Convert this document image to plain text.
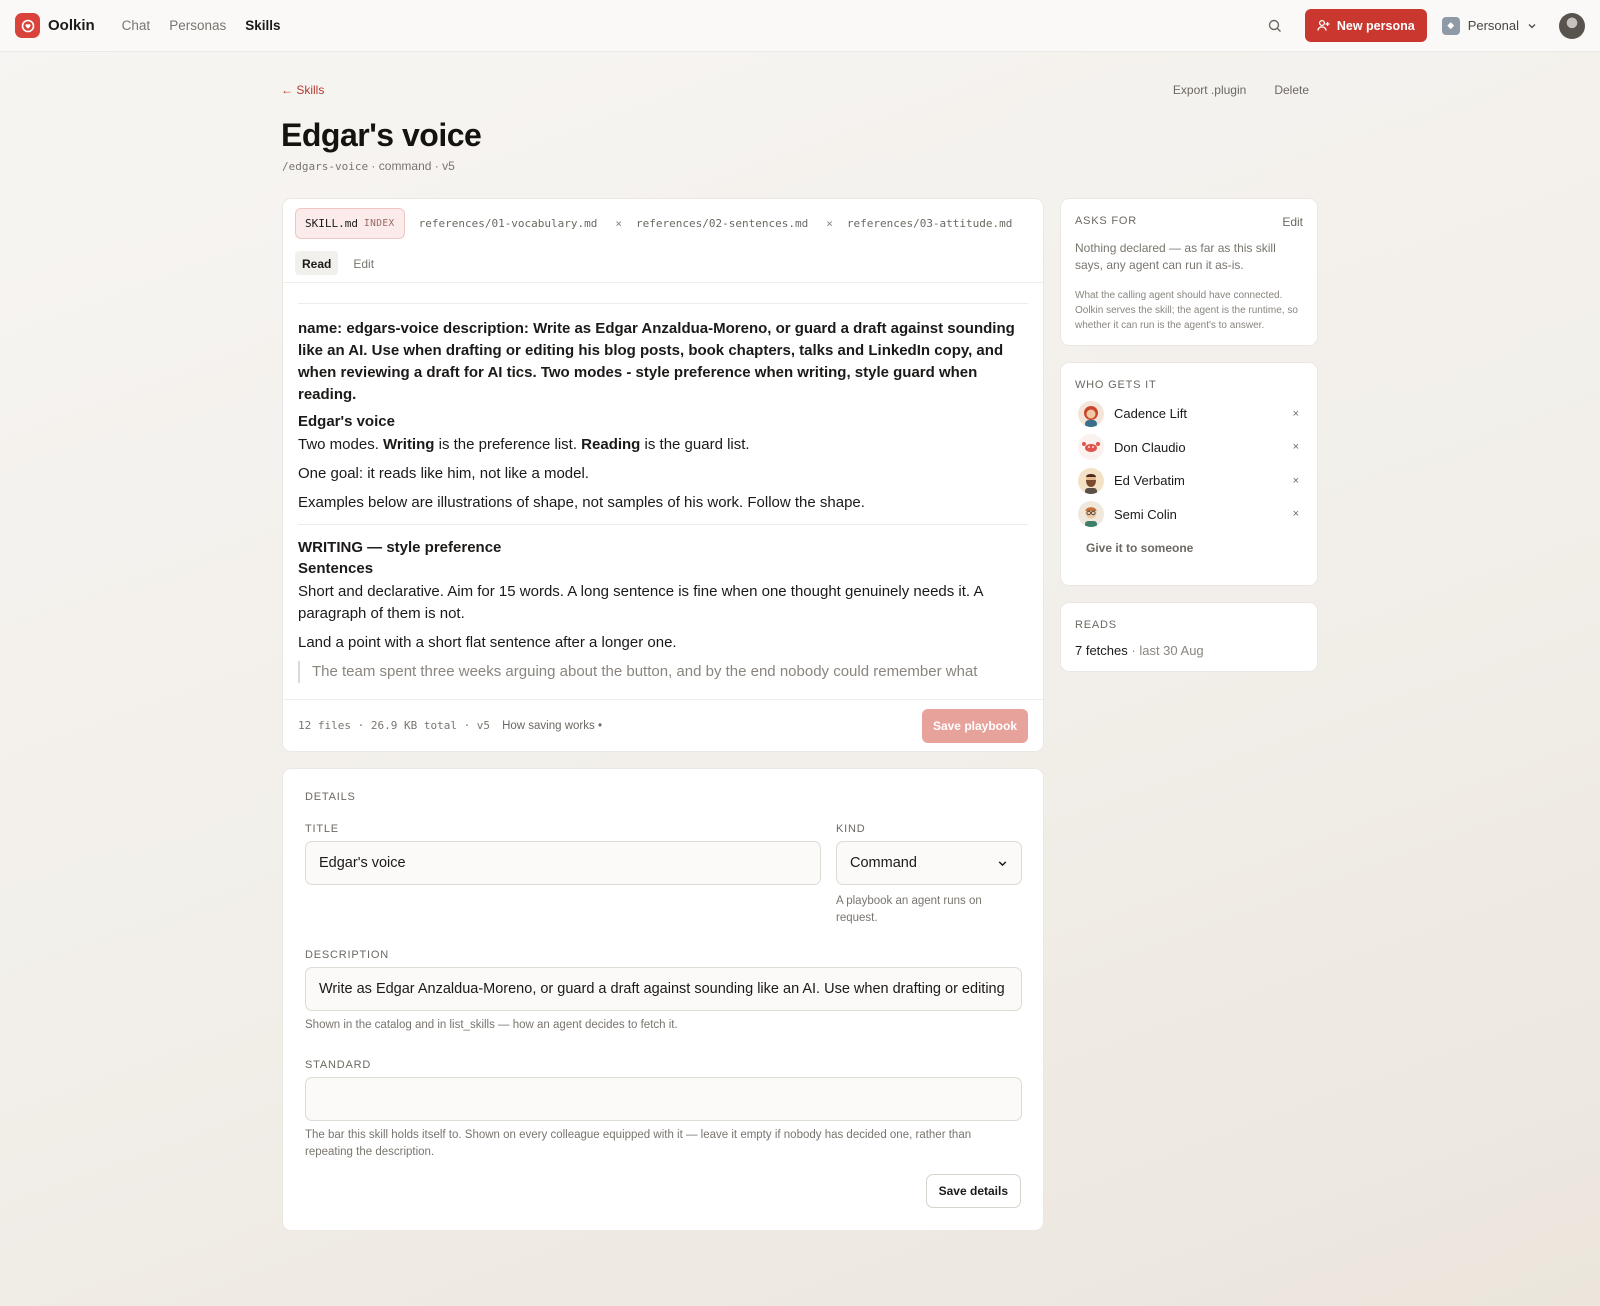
Oolkin Chat Personas Skills	New persona	◆	Personal
← Skills	Export .plugin Delete
Edgar's voice
/edgars-voice · command · v5
SKILL.md INDEX references/01-vocabulary.md × references/02-sentences.md × references/03-attitude.md
Read	Edit

name: edgars-voice description: Write as Edgar Anzaldua-Moreno, or guard a draft against sounding like an AI. Use when drafting or editing his blog posts, book chapters, talks and LinkedIn copy, and when reviewing a draft for AI tics. Two modes - style preference when writing, style guard when reading.

Edgar's voice

Two modes. Writing is the preference list. Reading is the guard list.

One goal: it reads like him, not like a model.

Examples below are illustrations of shape, not samples of his work. Follow the shape.

WRITING — style preference
Sentences

Short and declarative. Aim for 15 words. A long sentence is fine when one thought genuinely needs it. A paragraph of them is not.

Land a point with a short flat sentence after a longer one.

The team spent three weeks arguing about the button, and by the end nobody could remember what
12 files · 26.9 KB total · v5 How saving works •	Save playbook
DETAILS
TITLE
Edgar's voice
KIND
Command
A playbook an agent runs on request.
DESCRIPTION
Write as Edgar Anzaldua-Moreno, or guard a draft against sounding like an AI. Use when drafting or editing
Shown in the catalog and in list_skills — how an agent decides to fetch it.
STANDARD
The bar this skill holds itself to. Shown on every colleague equipped with it — leave it empty if nobody has decided one, rather than repeating the description.
Save details
ASKS FOR	Edit
Nothing declared — as far as this skill says, any agent can run it as-is.
What the calling agent should have connected. Oolkin serves the skill; the agent is the runtime, so whether it can run is the agent's to answer.
WHO GETS IT
Cadence Lift	×
Don Claudio	×
Ed Verbatim	×
Semi Colin	×
Give it to someone
READS
7 fetches · last 30 Aug
